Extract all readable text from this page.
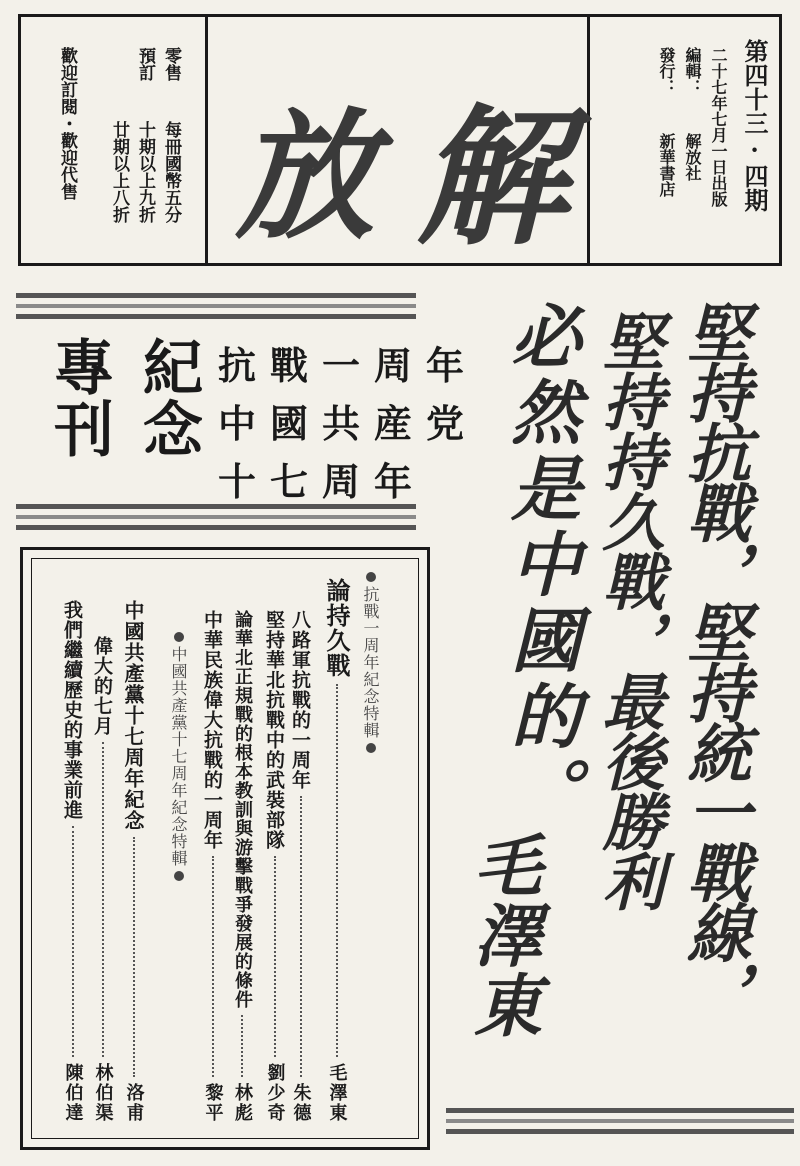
零售
預訂
每冊國幣五分
十期以上九折
廿期以上八折
歡迎訂閱・歡迎代售 解
放	第四十三·四期
二十七年七月一日出版
編輯：
解放社
發行：
新華書店
紀念
專刊	抗戰一周年
中國共産党
十七周年
抗戰一周年紀念特輯
論持久戰
毛澤東
八路軍抗戰的一周年
朱德
堅持華北抗戰中的武裝部隊
劉少奇
論華北正規戰的根本教訓與游擊戰爭發展的條件
林彪
中華民族偉大抗戰的一周年
黎平
中國共產黨十七周年紀念特輯
中國共產黨十七周年紀念
洛甫
偉大的七月
林伯渠
我們繼續歷史的事業前進
陳伯達
堅持抗戰，堅持統一戰線，
堅持持久戰，最後勝利
必然是中國的。
毛澤東
